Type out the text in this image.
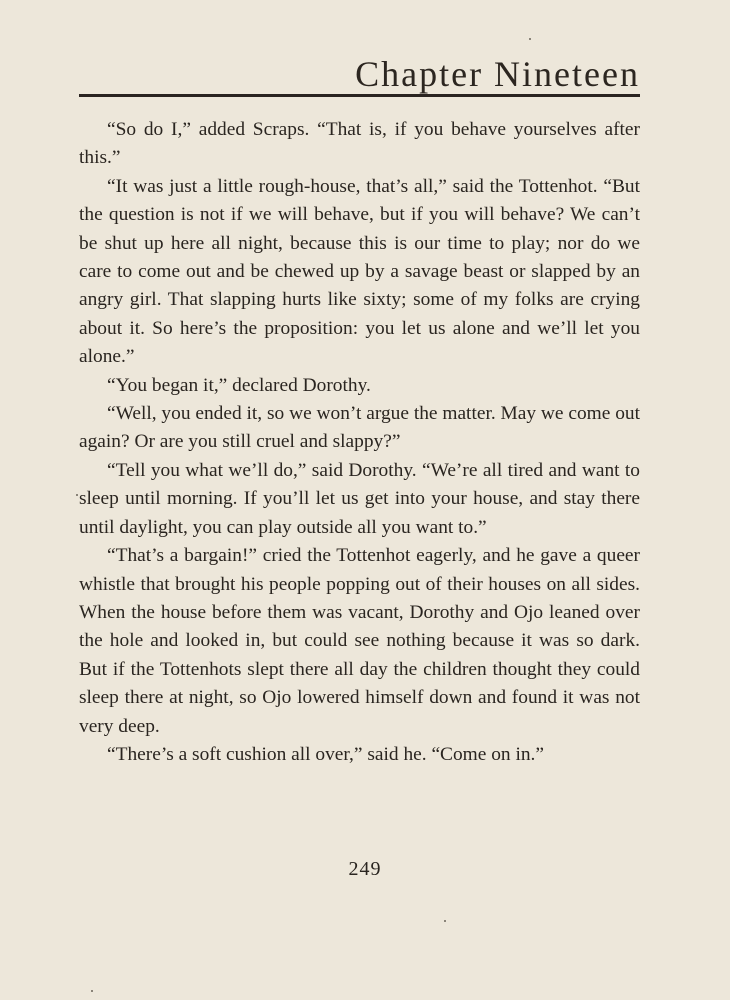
Chapter Nineteen

“So do I,” added Scraps. “That is, if you behave yourselves after this.”

“It was just a little rough-house, that’s all,” said the Tottenhot. “But the question is not if we will behave, but if you will behave? We can’t be shut up here all night, because this is our time to play; nor do we care to come out and be chewed up by a savage beast or slapped by an angry girl. That slapping hurts like sixty; some of my folks are crying about it. So here’s the proposition: you let us alone and we’ll let you alone.”

“You began it,” declared Dorothy.

“Well, you ended it, so we won’t argue the matter. May we come out again? Or are you still cruel and slappy?”

“Tell you what we’ll do,” said Dorothy. “We’re all tired and want to sleep until morning. If you’ll let us get into your house, and stay there until daylight, you can play outside all you want to.”

“That’s a bargain!” cried the Tottenhot eagerly, and he gave a queer whistle that brought his people popping out of their houses on all sides. When the house before them was vacant, Dorothy and Ojo leaned over the hole and looked in, but could see nothing because it was so dark. But if the Tottenhots slept there all day the children thought they could sleep there at night, so Ojo lowered himself down and found it was not very deep.

“There’s a soft cushion all over,” said he. “Come on in.”

249
